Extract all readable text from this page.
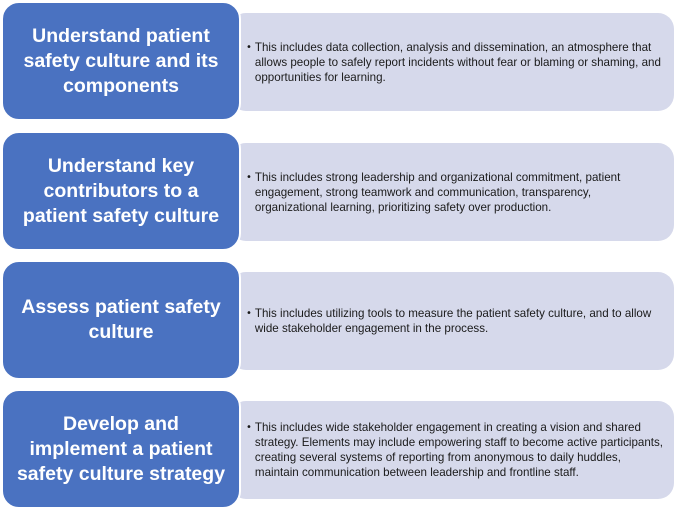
• This includes data collection, analysis and dissemination, an atmosphere that allows people to safely report incidents without fear or blaming or shaming, and opportunities for learning.
Understand patient safety culture and its components
• This includes strong leadership and organizational commitment, patient engagement, strong teamwork and communication, transparency, organizational learning, prioritizing safety over production.
Understand key contributors to a patient safety culture
• This includes utilizing tools to measure the patient safety culture, and to allow wide stakeholder engagement in the process.
Assess patient safety culture
• This includes wide stakeholder engagement in creating a vision and shared strategy. Elements may include empowering staff to become active participants, creating several systems of reporting from anonymous to daily huddles, maintain communication between leadership and frontline staff.
Develop and implement a patient safety culture strategy
